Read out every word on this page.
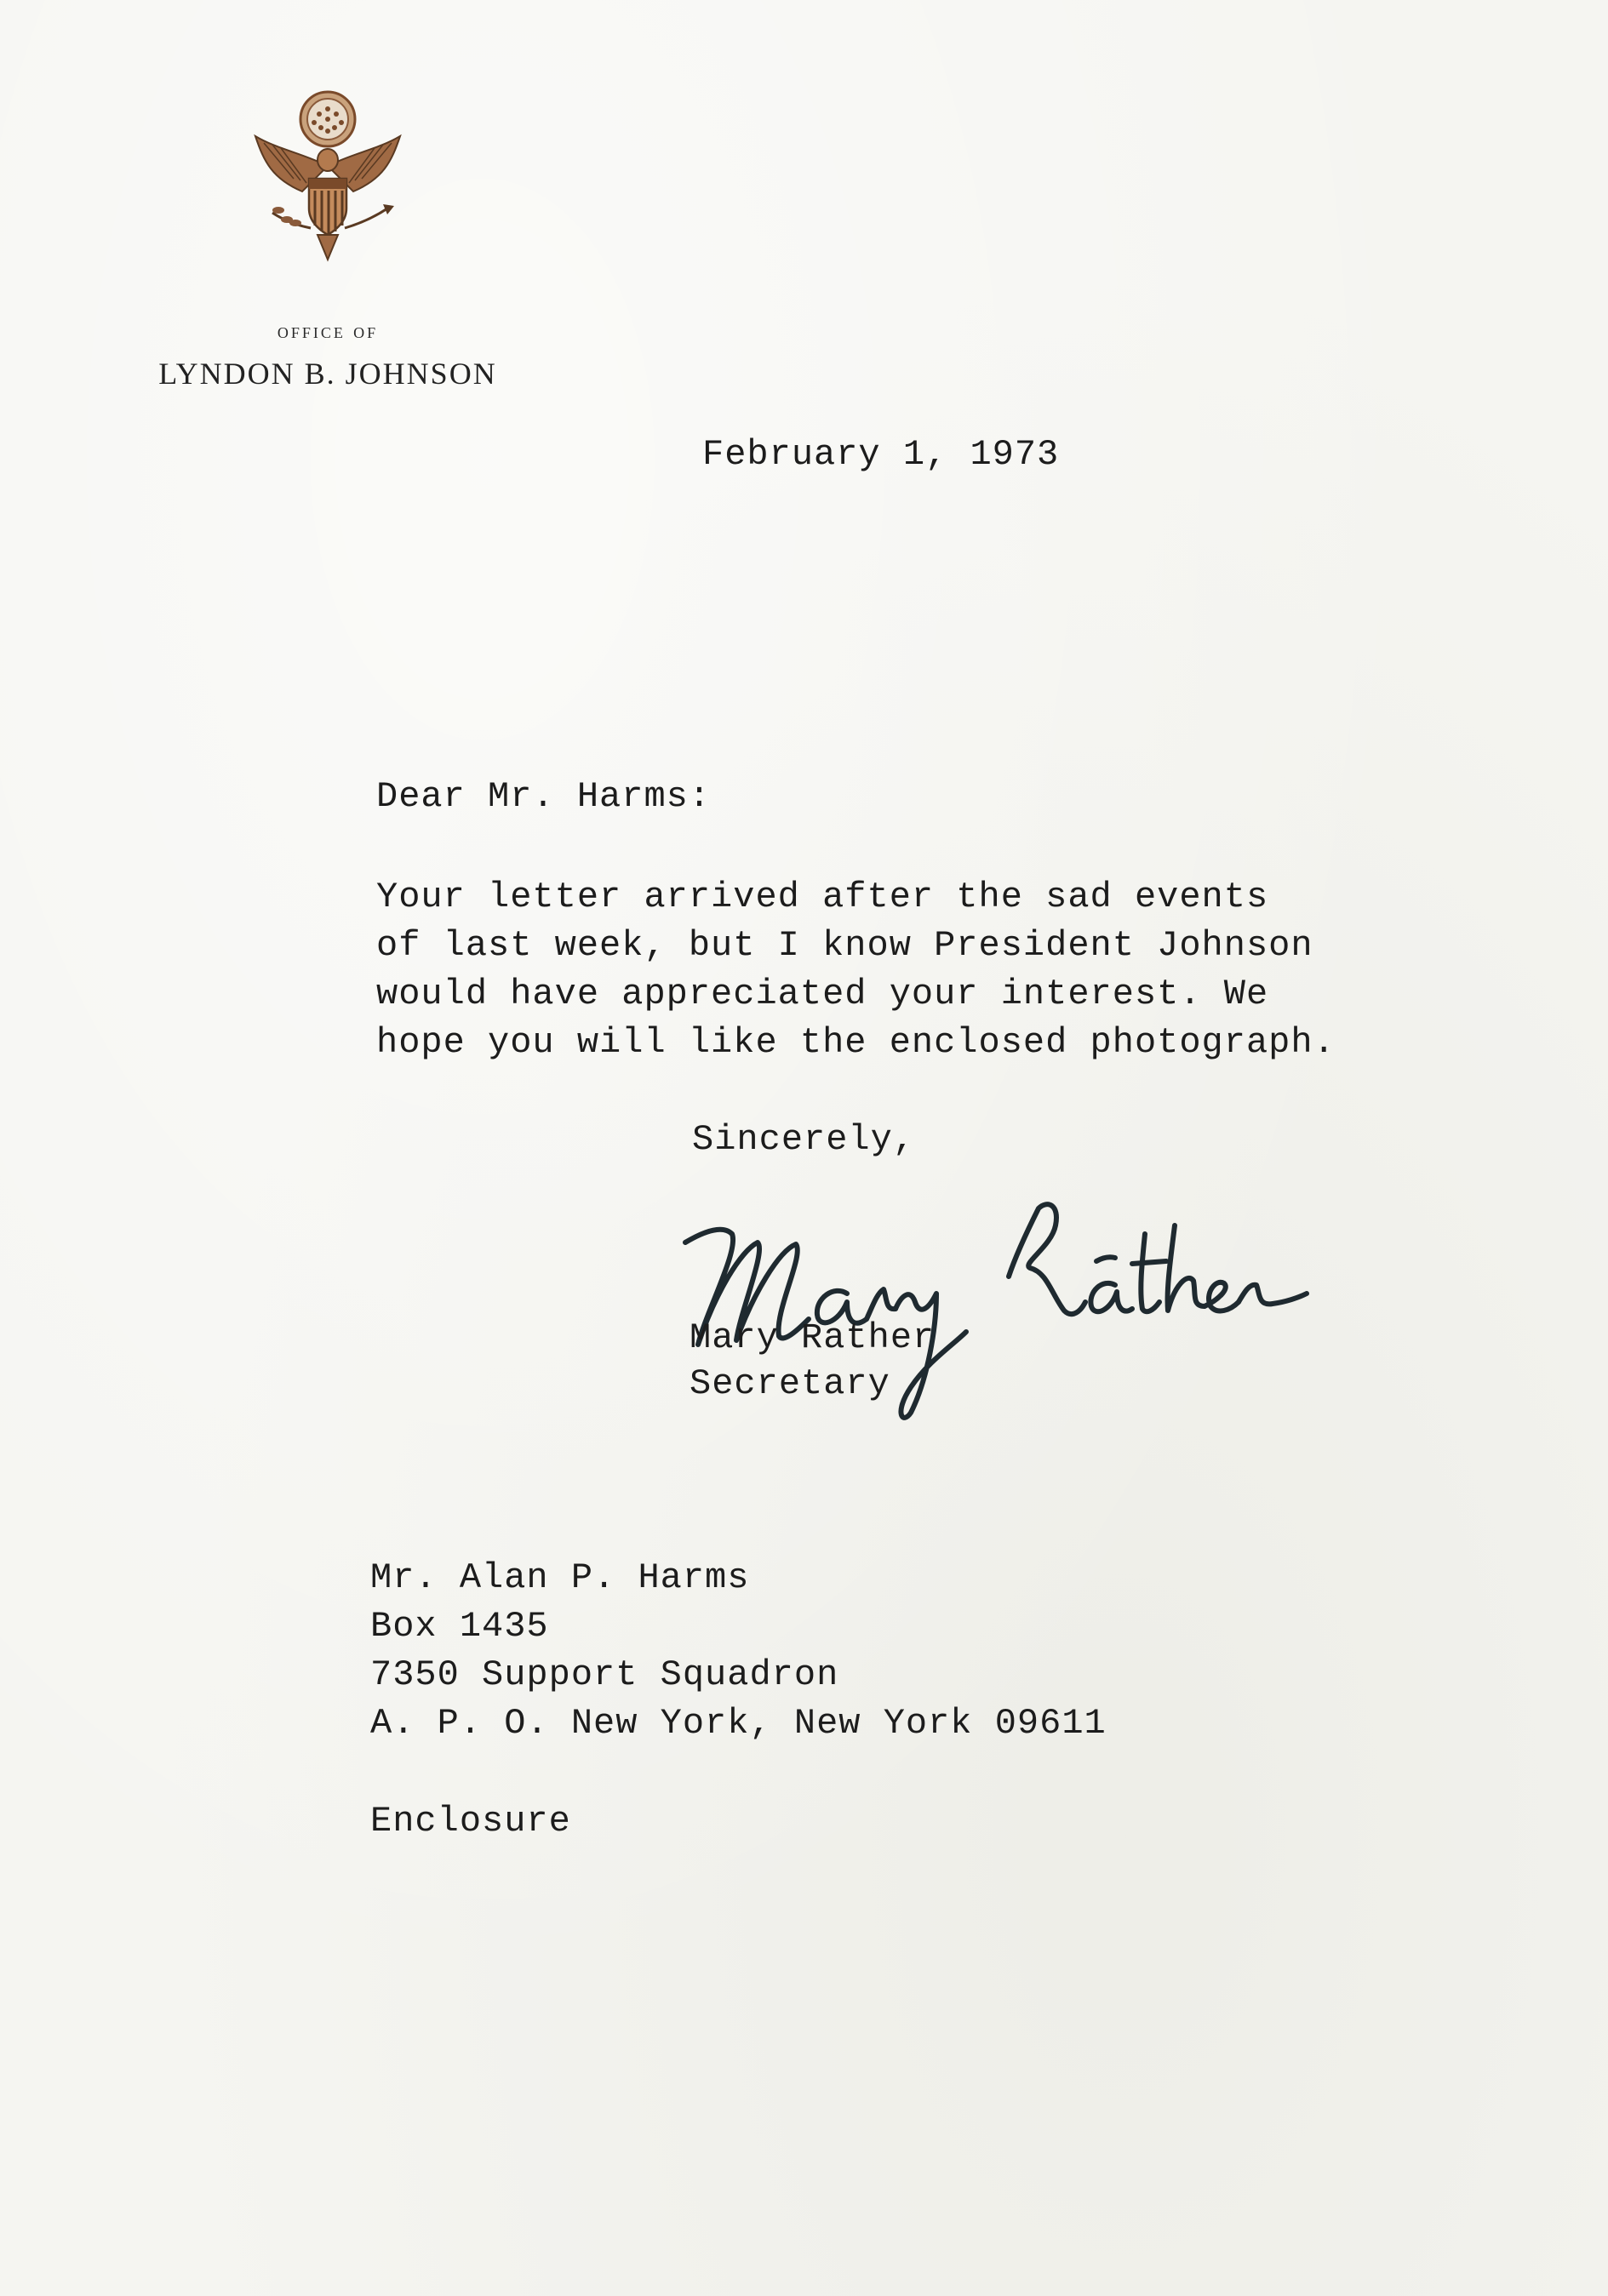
office of
LYNDON B. JOHNSON
February 1, 1973
Dear Mr. Harms:
Your letter arrived after the sad events
of last week, but I know President Johnson
would have appreciated your interest. We
hope you will like the enclosed photograph.
Sincerely,
Mary Rather
Secretary
Mr. Alan P. Harms
Box 1435
7350 Support Squadron
A. P. O. New York, New York 09611
Enclosure
